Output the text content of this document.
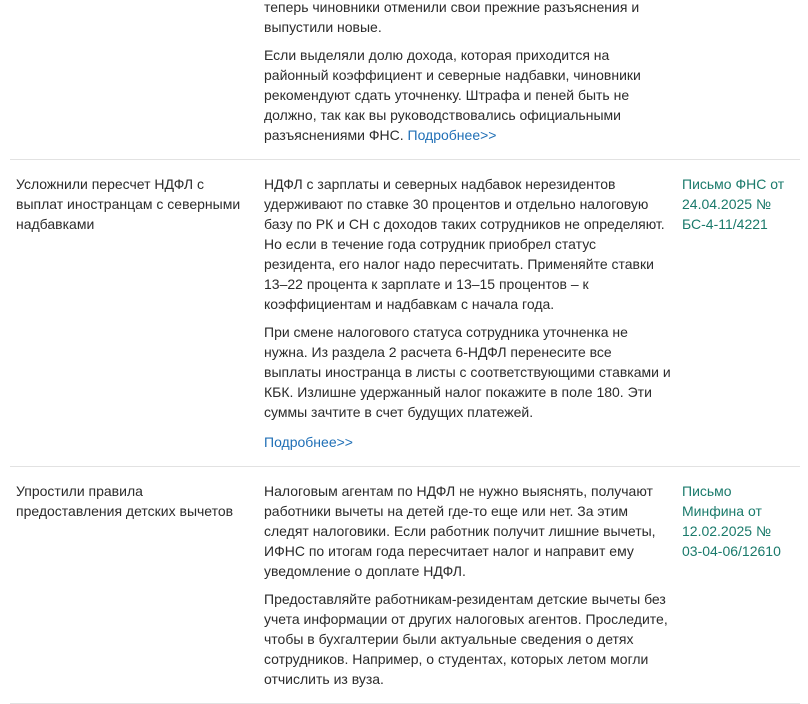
теперь чиновники отменили свои прежние разъяснения и
выпустили новые.

Если выделяли долю дохода, которая приходится на
районный коэффициент и северные надбавки, чиновники
рекомендуют сдать уточненку. Штрафа и пеней быть не
должно, так как вы руководствовались официальными
разъяснениями ФНС. Подробнее>>

Усложнили пересчет НДФЛ с
выплат иностранцам с северными
надбавками

НДФЛ с зарплаты и северных надбавок нерезидентов
удерживают по ставке 30 процентов и отдельно налоговую
базу по РК и СН с доходов таких сотрудников не определяют.
Но если в течение года сотрудник приобрел статус
резидента, его налог надо пересчитать. Применяйте ставки
13–22 процента к зарплате и 13–15 процентов – к
коэффициентам и надбавкам с начала года.

При смене налогового статуса сотрудника уточненка не
нужна. Из раздела 2 расчета 6-НДФЛ перенесите все
выплаты иностранца в листы с соответствующими ставками и
КБК. Излишне удержанный налог покажите в поле 180. Эти
суммы зачтите в счет будущих платежей.

Подробнее>>
Письмо ФНС от
24.04.2025 №
БС-4-11/4221
Упростили правила
предоставления детских вычетов

Налоговым агентам по НДФЛ не нужно выяснять, получают
работники вычеты на детей где-то еще или нет. За этим
следят налоговики. Если работник получит лишние вычеты,
ИФНС по итогам года пересчитает налог и направит ему
уведомление о доплате НДФЛ.

Предоставляйте работникам-резидентам детские вычеты без
учета информации от других налоговых агентов. Проследите,
чтобы в бухгалтерии были актуальные сведения о детях
сотрудников. Например, о студентах, которых летом могли
отчислить из вуза.

Письмо
Минфина от
12.02.2025 №
03-04-06/12610
